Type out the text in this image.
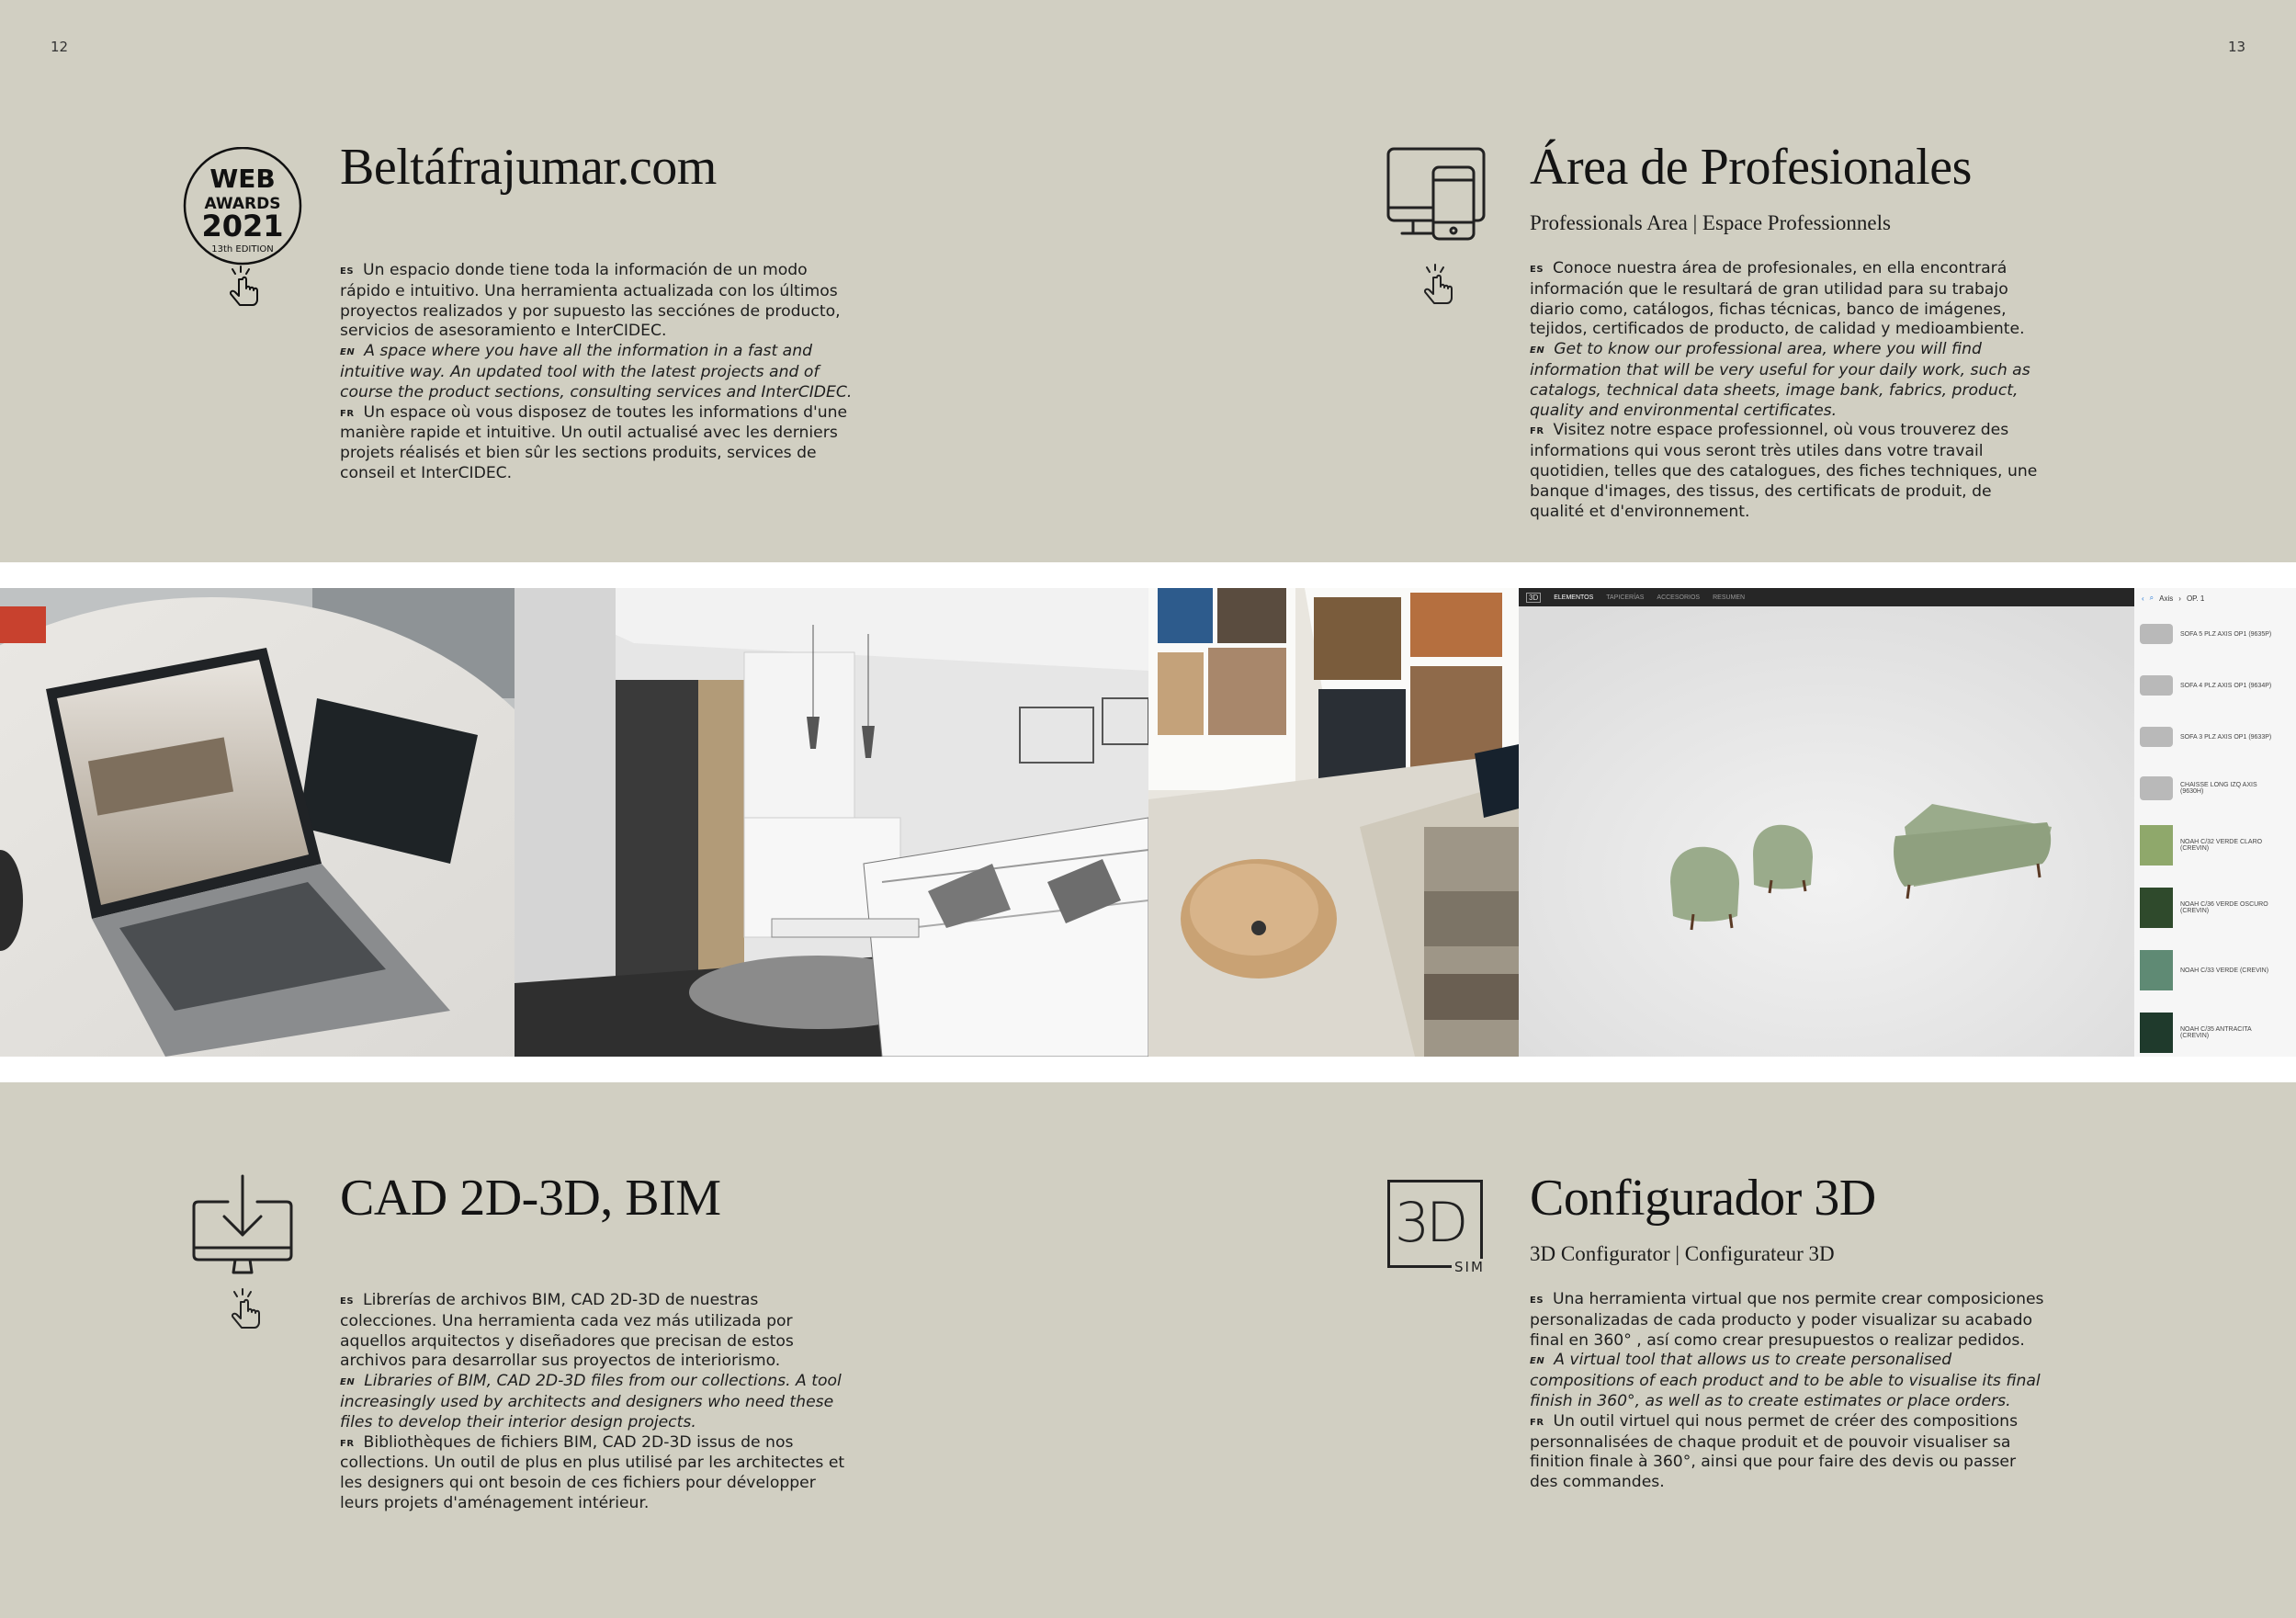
12	13
WEB
AWARDS
2021
13th EDITION
Beltáfrajumar.com

ES Un espacio donde tiene toda la información de un modo rápido e intuitivo. Una herramienta actualizada con los últimos proyectos realizados y por supuesto las secciónes de producto, servicios de asesoramiento e InterCIDEC.

EN A space where you have all the information in a fast and intuitive way. An updated tool with the latest projects and of course the product sections, consulting services and InterCIDEC.

FR Un espace où vous disposez de toutes les informations d'une manière rapide et intuitive. Un outil actualisé avec les derniers projets réalisés et bien sûr les sections produits, services de conseil et InterCIDEC.

Área de Profesionales
Professionals Area | Espace Professionnels

ES Conoce nuestra área de profesionales, en ella encontrará información que le resultará de gran utilidad para su trabajo diario como, catálogos, fichas técnicas, banco de imágenes, tejidos, certificados de producto, de calidad y medioambiente.

EN Get to know our professional area, where you will find information that will be very useful for your daily work, such as catalogs, technical data sheets, image bank, fabrics, product, quality and environmental certificates.

FR Visitez notre espace professionnel, où vous trouverez des informations qui vous seront très utiles dans votre travail quotidien, telles que des catalogues, des fiches techniques, une banque d'images, des tissus, des certificats de produit, de qualité et d'environnement.

3D	ELEMENTOS TAPICERÍAS ACCESORIOS RESUMEN	‹ ⌕ Axis › OP. 1
SOFA 5 PLZ AXIS OP1 (9635P)
SOFA 4 PLZ AXIS OP1 (9634P)
SOFA 3 PLZ AXIS OP1 (9633P)
CHAISSE LONG IZQ AXIS (9630H)
NOAH C/32 VERDE CLARO (CREVIN)
NOAH C/36 VERDE OSCURO (CREVIN)
NOAH C/33 VERDE (CREVIN)
NOAH C/35 ANTRACITA (CREVIN)
CAD 2D-3D, BIM

ES Librerías de archivos BIM, CAD 2D-3D de nuestras colecciones. Una herramienta cada vez más utilizada por aquellos arquitectos y diseñadores que precisan de estos archivos para desarrollar sus proyectos de interiorismo.

EN Libraries of BIM, CAD 2D-3D files from our collections. A tool increasingly used by architects and designers who need these files to develop their interior design projects.

FR Bibliothèques de fichiers BIM, CAD 2D-3D issus de nos collections. Un outil de plus en plus utilisé par les architectes et les designers qui ont besoin de ces fichiers pour développer leurs projets d'aménagement intérieur.

3D
SIM
Configurador 3D
3D Configurator | Configurateur 3D

ES Una herramienta virtual que nos permite crear composiciones personalizadas de cada producto y poder visualizar su acabado final en 360° , así como crear presupuestos o realizar pedidos.

EN A virtual tool that allows us to create personalised compositions of each product and to be able to visualise its final finish in 360°, as well as to create estimates or place orders.

FR Un outil virtuel qui nous permet de créer des compositions personnalisées de chaque produit et de pouvoir visualiser sa finition finale à 360°, ainsi que pour faire des devis ou passer des commandes.
